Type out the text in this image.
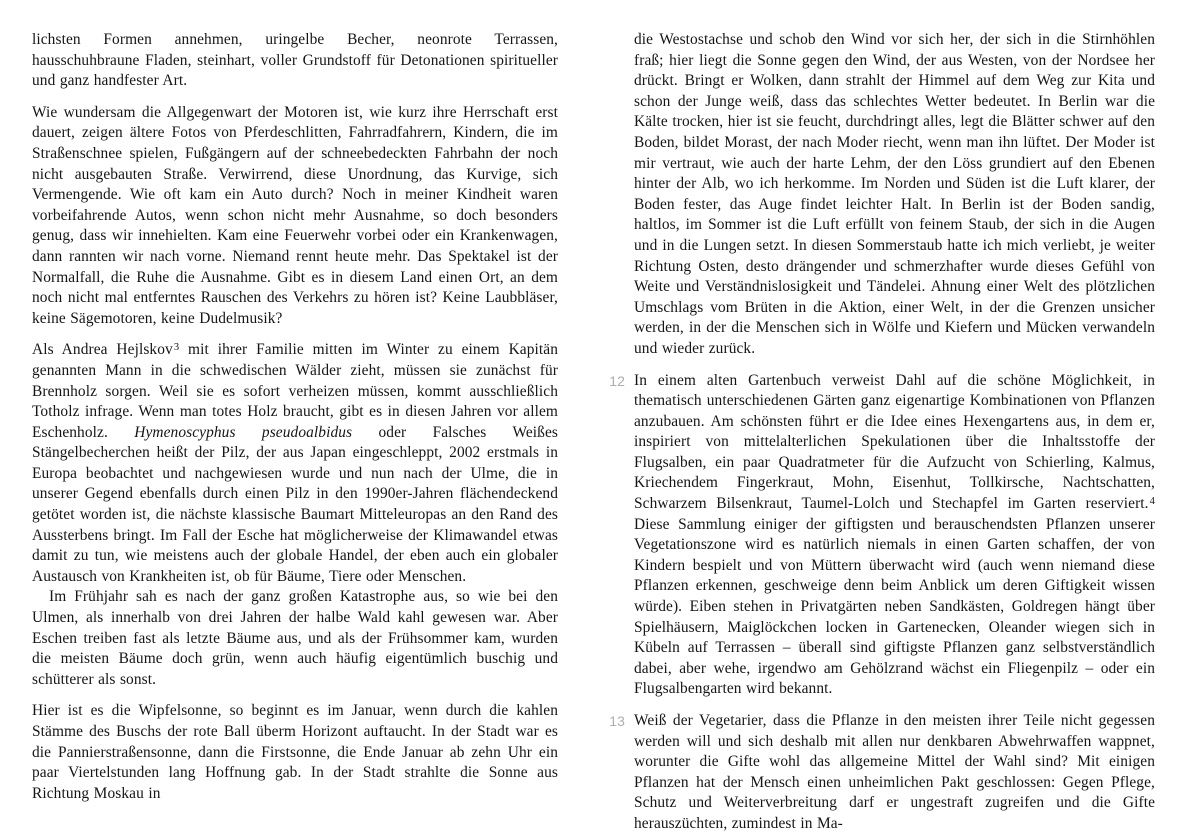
lichsten Formen annehmen, uringelbe Becher, neonrote Terrassen, hausschuhbraune Fladen, steinhart, voller Grundstoff für Detonationen spiritueller und ganz handfester Art.

Wie wundersam die Allgegenwart der Motoren ist, wie kurz ihre Herrschaft erst dauert, zeigen ältere Fotos von Pferdeschlitten, Fahrradfahrern, Kindern, die im Straßenschnee spielen, Fußgängern auf der schneebedeckten Fahrbahn der noch nicht ausgebauten Straße. Verwirrend, diese Unordnung, das Kurvige, sich Vermengende. Wie oft kam ein Auto durch? Noch in meiner Kindheit waren vorbeifahrende Autos, wenn schon nicht mehr Ausnahme, so doch besonders genug, dass wir innehielten. Kam eine Feuerwehr vorbei oder ein Krankenwagen, dann rannten wir nach vorne. Niemand rennt heute mehr. Das Spektakel ist der Normalfall, die Ruhe die Ausnahme. Gibt es in diesem Land einen Ort, an dem noch nicht mal entferntes Rauschen des Verkehrs zu hören ist? Keine Laubbläser, keine Sägemotoren, keine Dudelmusik?

Als Andrea Hejlskov$^3$ mit ihrer Familie mitten im Winter zu einem Kapitän genannten Mann in die schwedischen Wälder zieht, müssen sie zunächst für Brennholz sorgen. Weil sie es sofort verheizen müssen, kommt ausschließlich Totholz infrage. Wenn man totes Holz braucht, gibt es in diesen Jahren vor allem Eschenholz. Hymenoscyphus pseudoalbidus oder Falsches Weißes Stängelbecherchen heißt der Pilz, der aus Japan eingeschleppt, 2002 erstmals in Europa beobachtet und nachgewiesen wurde und nun nach der Ulme, die in unserer Gegend ebenfalls durch einen Pilz in den 1990er-Jahren flächendeckend getötet worden ist, die nächste klassische Baumart Mitteleuropas an den Rand des Aussterbens bringt. Im Fall der Esche hat möglicherweise der Klimawandel etwas damit zu tun, wie meistens auch der globale Handel, der eben auch ein globaler Austausch von Krankheiten ist, ob für Bäume, Tiere oder Menschen.

Im Frühjahr sah es nach der ganz großen Katastrophe aus, so wie bei den Ulmen, als innerhalb von drei Jahren der halbe Wald kahl gewesen war. Aber Eschen treiben fast als letzte Bäume aus, und als der Frühsommer kam, wurden die meisten Bäume doch grün, wenn auch häufig eigentümlich buschig und schütterer als sonst.

Hier ist es die Wipfelsonne, so beginnt es im Januar, wenn durch die kahlen Stämme des Buschs der rote Ball überm Horizont auftaucht. In der Stadt war es die Pannierstraßensonne, dann die Firstsonne, die Ende Januar ab zehn Uhr ein paar Viertelstunden lang Hoffnung gab. In der Stadt strahlte die Sonne aus Richtung Moskau in

die Westostachse und schob den Wind vor sich her, der sich in die Stirnhöhlen fraß; hier liegt die Sonne gegen den Wind, der aus Westen, von der Nordsee her drückt. Bringt er Wolken, dann strahlt der Himmel auf dem Weg zur Kita und schon der Junge weiß, dass das schlechtes Wetter bedeutet. In Berlin war die Kälte trocken, hier ist sie feucht, durchdringt alles, legt die Blätter schwer auf den Boden, bildet Morast, der nach Moder riecht, wenn man ihn lüftet. Der Moder ist mir vertraut, wie auch der harte Lehm, der den Löss grundiert auf den Ebenen hinter der Alb, wo ich herkomme. Im Norden und Süden ist die Luft klarer, der Boden fester, das Auge findet leichter Halt. In Berlin ist der Boden sandig, haltlos, im Sommer ist die Luft erfüllt von feinem Staub, der sich in die Augen und in die Lungen setzt. In diesen Sommerstaub hatte ich mich verliebt, je weiter Richtung Osten, desto drängender und schmerzhafter wurde dieses Gefühl von Weite und Verständnislosigkeit und Tändelei. Ahnung einer Welt des plötzlichen Umschlags vom Brüten in die Aktion, einer Welt, in der die Grenzen unsicher werden, in der die Menschen sich in Wölfe und Kiefern und Mücken verwandeln und wieder zurück.

12 In einem alten Gartenbuch verweist Dahl auf die schöne Möglichkeit, in thematisch unterschiedenen Gärten ganz eigenartige Kombinationen von Pflanzen anzubauen. Am schönsten führt er die Idee eines Hexengartens aus, in dem er, inspiriert von mittelalterlichen Spekulationen über die Inhaltsstoffe der Flugsalben, ein paar Quadratmeter für die Aufzucht von Schierling, Kalmus, Kriechendem Fingerkraut, Mohn, Eisenhut, Tollkirsche, Nachtschatten, Schwarzem Bilsenkraut, Taumel-Lolch und Stechapfel im Garten reserviert.$^4$ Diese Sammlung einiger der giftigsten und berauschendsten Pflanzen unserer Vegetationszone wird es natürlich niemals in einen Garten schaffen, der von Kindern bespielt und von Müttern überwacht wird (auch wenn niemand diese Pflanzen erkennen, geschweige denn beim Anblick um deren Giftigkeit wissen würde). Eiben stehen in Privatgärten neben Sandkästen, Goldregen hängt über Spielhäusern, Maiglöckchen locken in Gartenecken, Oleander wiegen sich in Kübeln auf Terrassen – überall sind giftigste Pflanzen ganz selbstverständlich dabei, aber wehe, irgendwo am Gehölzrand wächst ein Fliegenpilz – oder ein Flugsalbengarten wird bekannt.

13 Weiß der Vegetarier, dass die Pflanze in den meisten ihrer Teile nicht gegessen werden will und sich deshalb mit allen nur denkbaren Abwehrwaffen wappnet, worunter die Gifte wohl das allgemeine Mittel der Wahl sind? Mit einigen Pflanzen hat der Mensch einen unheimlichen Pakt geschlossen: Gegen Pflege, Schutz und Weiterverbreitung darf er ungestraft zugreifen und die Gifte herauszüchten, zumindest in Ma-
